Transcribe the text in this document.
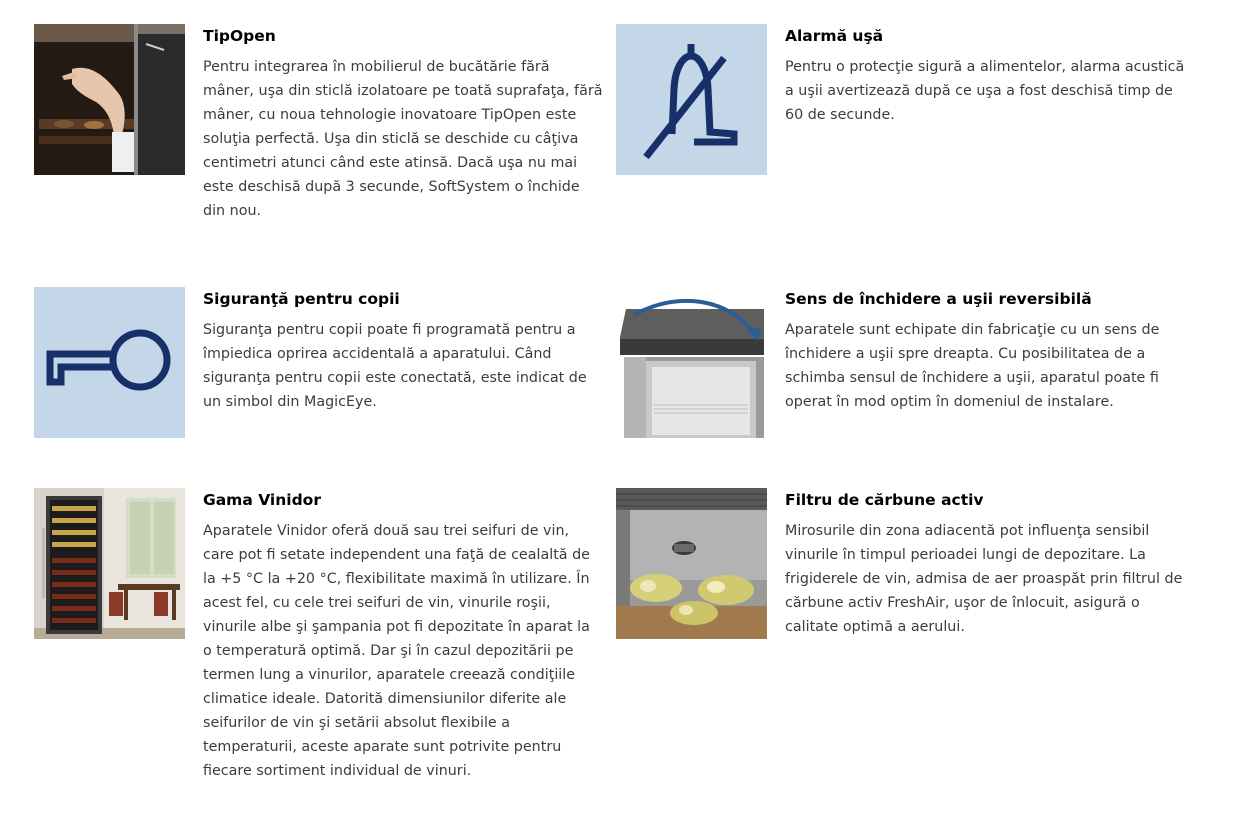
TipOpen

Pentru integrarea în mobilierul de bucătărie fără mâner, uşa din sticlă izolatoare pe toată suprafaţa, fără mâner, cu noua tehnologie inovatoare TipOpen este soluţia perfectă. Uşa din sticlă se deschide cu câţiva centimetri atunci când este atinsă. Dacă uşa nu mai este deschisă după 3 secunde, SoftSystem o închide din nou.

Alarmă uşă

Pentru o protecţie sigură a alimentelor, alarma acustică a uşii avertizează după ce uşa a fost deschisă timp de 60 de secunde.

Siguranţă pentru copii

Siguranţa pentru copii poate fi programată pentru a împiedica oprirea accidentală a aparatului. Când siguranţa pentru copii este conectată, este indicat de un simbol din MagicEye.

Sens de închidere a uşii reversibilă

Aparatele sunt echipate din fabricaţie cu un sens de închidere a uşii spre dreapta. Cu posibilitatea de a schimba sensul de închidere a uşii, aparatul poate fi operat în mod optim în domeniul de instalare.

Gama Vinidor

Aparatele Vinidor oferă două sau trei seifuri de vin, care pot fi setate independent una faţă de cealaltă de la +5 °C la +20 °C, flexibilitate maximă în utilizare. În acest fel, cu cele trei seifuri de vin, vinurile roşii, vinurile albe şi şampania pot fi depozitate în aparat la o temperatură optimă. Dar şi în cazul depozitării pe termen lung a vinurilor, aparatele creează condiţiile climatice ideale. Datorită dimensiunilor diferite ale seifurilor de vin şi setării absolut flexibile a temperaturii, aceste aparate sunt potrivite pentru fiecare sortiment individual de vinuri.

Filtru de cărbune activ

Mirosurile din zona adiacentă pot influenţa sensibil vinurile în timpul perioadei lungi de depozitare. La frigiderele de vin, admisa de aer proaspăt prin filtrul de cărbune activ FreshAir, uşor de înlocuit, asigură o calitate optimă a aerului.
